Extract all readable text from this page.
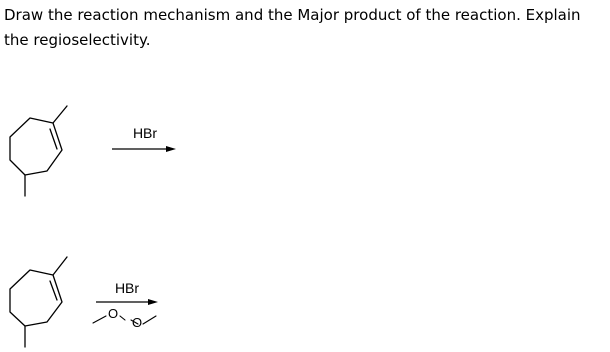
Draw the reaction mechanism and the Major product of the reaction. Explain the regioselectivity.

HBr
HBr
O
O
